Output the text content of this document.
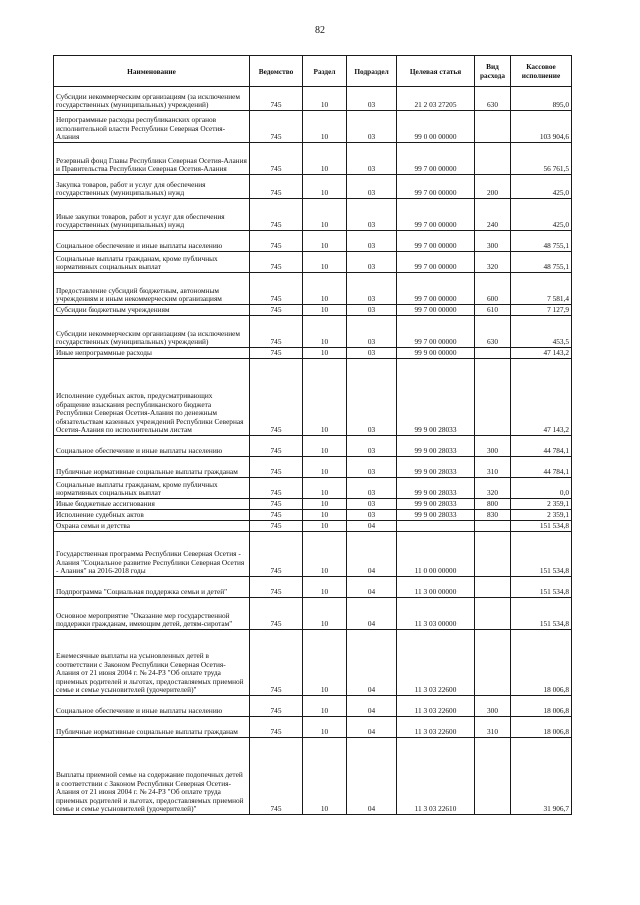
82
Наименование	Ведомство	Раздел	Подраздел	Целевая статья	Вид расхода	Кассовое исполнение
Субсидии некоммерческим организациям (за исключением государственных (муниципальных) учреждений)	745	10	03	21 2 03 27205	630	895,0
Непрограммные расходы республиканских органов исполнительной власти Республики Северная Осетия-Алания	745	10	03	99 0 00 00000		103 904,6
Резервный фонд Главы Республики Северная Осетия-Алания и Правительства Республики Северная Осетия-Алания	745	10	03	99 7 00 00000		56 761,5
Закупка товаров, работ и услуг для обеспечения государственных (муниципальных) нужд	745	10	03	99 7 00 00000	200	425,0
Иные закупки товаров, работ и услуг для обеспечения государственных (муниципальных) нужд	745	10	03	99 7 00 00000	240	425,0
Социальное обеспечение и иные выплаты населению	745	10	03	99 7 00 00000	300	48 755,1
Социальные выплаты гражданам, кроме публичных нормативных социальных выплат	745	10	03	99 7 00 00000	320	48 755,1
Предоставление субсидий бюджетным, автономным учреждениям и иным некоммерческим организациям	745	10	03	99 7 00 00000	600	7 581,4
Субсидии бюджетным учреждениям	745	10	03	99 7 00 00000	610	7 127,9
Субсидии некоммерческим организациям (за исключением государственных (муниципальных) учреждений)	745	10	03	99 7 00 00000	630	453,5
Иные непрограммные расходы	745	10	03	99 9 00 00000		47 143,2
Исполнение судебных актов, предусматривающих обращение взыскания республиканского бюджета Республики Северная Осетия-Алания по денежным обязательствам казенных учреждений Республики Северная Осетия-Алания по исполнительным листам	745	10	03	99 9 00 28033		47 143,2
Социальное обеспечение и иные выплаты населению	745	10	03	99 9 00 28033	300	44 784,1
Публичные нормативные социальные выплаты гражданам	745	10	03	99 9 00 28033	310	44 784,1
Социальные выплаты гражданам, кроме публичных нормативных социальных выплат	745	10	03	99 9 00 28033	320	0,0
Иные бюджетные ассигнования	745	10	03	99 9 00 28033	800	2 359,1
Исполнение судебных актов	745	10	03	99 9 00 28033	830	2 359,1
Охрана семьи и детства	745	10	04			151 534,8
Государственная программа Республики Северная Осетия - Алания "Социальное развитие Республики Северная Осетия - Алания" на 2016-2018 годы	745	10	04	11 0 00 00000		151 534,8
Подпрограмма "Социальная поддержка семьи и детей"	745	10	04	11 3 00 00000		151 534,8
Основное мероприятие "Оказание мер государственной поддержки гражданам, имеющим детей, детям-сиротам"	745	10	04	11 3 03 00000		151 534,8
Ежемесячные выплаты на усыновленных детей в соответствии с Законом Республики Северная Осетия-Алания от 21 июня 2004 г. № 24-РЗ "Об оплате труда приемных родителей и льготах, предоставляемых приемной семье и семье усыновителей (удочерителей)"	745	10	04	11 3 03 22600		18 006,8
Социальное обеспечение и иные выплаты населению	745	10	04	11 3 03 22600	300	18 006,8
Публичные нормативные социальные выплаты гражданам	745	10	04	11 3 03 22600	310	18 006,8
Выплаты приемной семье на содержание подопечных детей в соответствии с Законом Республики Северная Осетия-Алания от 21 июня 2004 г. № 24-РЗ "Об оплате труда приемных родителей и льготах, предоставляемых приемной семье и семье усыновителей (удочерителей)"	745	10	04	11 3 03 22610		31 906,7
